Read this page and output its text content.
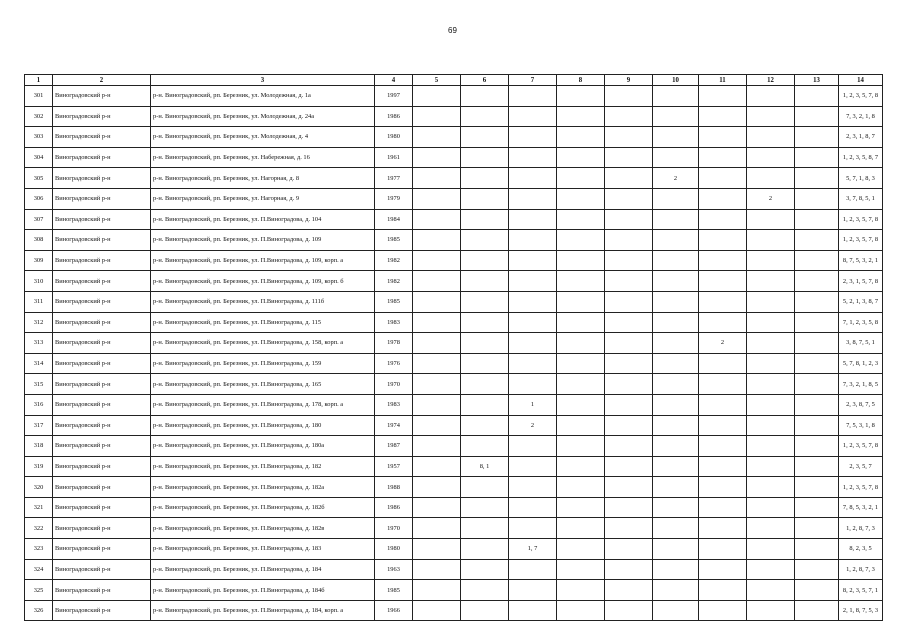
69
1	2	3	4	5	6	7	8	9	10	11	12	13	14
301	Виноградовский р-н	р-н. Виноградовский, рп. Березник, ул. Молодежная, д. 1а	1997										1, 2, 3, 5, 7, 8
302	Виноградовский р-н	р-н. Виноградовский, рп. Березник, ул. Молодежная, д. 24а	1986										7, 3, 2, 1, 8
303	Виноградовский р-н	р-н. Виноградовский, рп. Березник, ул. Молодежная, д. 4	1980										2, 3, 1, 8, 7
304	Виноградовский р-н	р-н. Виноградовский, рп. Березник, ул. Набережная, д. 16	1961										1, 2, 3, 5, 8, 7
305	Виноградовский р-н	р-н. Виноградовский, рп. Березник, ул. Нагорная, д. 8	1977						2				5, 7, 1, 8, 3
306	Виноградовский р-н	р-н. Виноградовский, рп. Березник, ул. Нагорная, д. 9	1979								2		3, 7, 8, 5, 1
307	Виноградовский р-н	р-н. Виноградовский, рп. Березник, ул. П.Виноградова, д. 104	1984										1, 2, 3, 5, 7, 8
308	Виноградовский р-н	р-н. Виноградовский, рп. Березник, ул. П.Виноградова, д. 109	1985										1, 2, 3, 5, 7, 8
309	Виноградовский р-н	р-н. Виноградовский, рп. Березник, ул. П.Виноградова, д. 109, корп. а	1982										8, 7, 5, 3, 2, 1
310	Виноградовский р-н	р-н. Виноградовский, рп. Березник, ул. П.Виноградова, д. 109, корп. б	1982										2, 3, 1, 5, 7, 8
311	Виноградовский р-н	р-н. Виноградовский, рп. Березник, ул. П.Виноградова, д. 111б	1985										5, 2, 1, 3, 8, 7
312	Виноградовский р-н	р-н. Виноградовский, рп. Березник, ул. П.Виноградова, д. 115	1983										7, 1, 2, 3, 5, 8
313	Виноградовский р-н	р-н. Виноградовский, рп. Березник, ул. П.Виноградова, д. 158, корп. а	1978							2			3, 8, 7, 5, 1
314	Виноградовский р-н	р-н. Виноградовский, рп. Березник, ул. П.Виноградова, д. 159	1976										5, 7, 8, 1, 2, 3
315	Виноградовский р-н	р-н. Виноградовский, рп. Березник, ул. П.Виноградова, д. 165	1970										7, 3, 2, 1, 8, 5
316	Виноградовский р-н	р-н. Виноградовский, рп. Березник, ул. П.Виноградова, д. 178, корп. а	1983			1							2, 3, 8, 7, 5
317	Виноградовский р-н	р-н. Виноградовский, рп. Березник, ул. П.Виноградова, д. 180	1974			2							7, 5, 3, 1, 8
318	Виноградовский р-н	р-н. Виноградовский, рп. Березник, ул. П.Виноградова, д. 180а	1987										1, 2, 3, 5, 7, 8
319	Виноградовский р-н	р-н. Виноградовский, рп. Березник, ул. П.Виноградова, д. 182	1957		8, 1								2, 3, 5, 7
320	Виноградовский р-н	р-н. Виноградовский, рп. Березник, ул. П.Виноградова, д. 182а	1988										1, 2, 3, 5, 7, 8
321	Виноградовский р-н	р-н. Виноградовский, рп. Березник, ул. П.Виноградова, д. 182б	1986										7, 8, 5, 3, 2, 1
322	Виноградовский р-н	р-н. Виноградовский, рп. Березник, ул. П.Виноградова, д. 182в	1970										1, 2, 8, 7, 3
323	Виноградовский р-н	р-н. Виноградовский, рп. Березник, ул. П.Виноградова, д. 183	1980			1, 7							8, 2, 3, 5
324	Виноградовский р-н	р-н. Виноградовский, рп. Березник, ул. П.Виноградова, д. 184	1963										1, 2, 8, 7, 3
325	Виноградовский р-н	р-н. Виноградовский, рп. Березник, ул. П.Виноградова, д. 184б	1985										8, 2, 3, 5, 7, 1
326	Виноградовский р-н	р-н. Виноградовский, рп. Березник, ул. П.Виноградова, д. 184, корп. а	1966										2, 1, 8, 7, 5, 3
